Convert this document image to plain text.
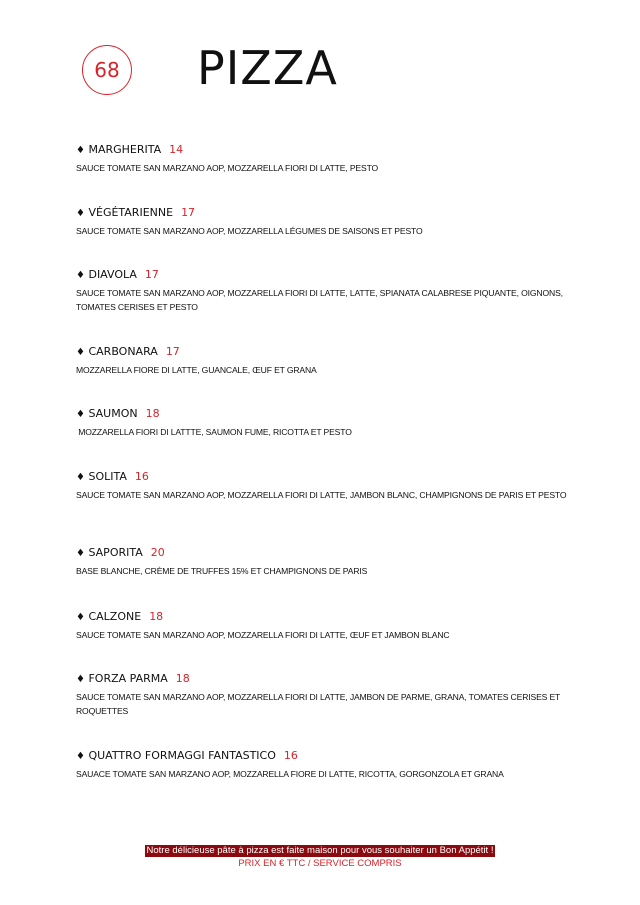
68 PIZZA
♦ MARGHERITA 14
SAUCE TOMATE SAN MARZANO AOP, MOZZARELLA FIORI DI LATTE, PESTO
♦ VÉGÉTARIENNE 17
SAUCE TOMATE SAN MARZANO AOP, MOZZARELLA LÉGUMES DE SAISONS ET PESTO
♦ DIAVOLA 17
SAUCE TOMATE SAN MARZANO AOP, MOZZARELLA FIORI DI LATTE, LATTE, SPIANATA CALABRESE PIQUANTE, OIGNONS, TOMATES CERISES ET PESTO
♦ CARBONARA 17
MOZZARELLA FIORE DI LATTE, GUANCALE, ŒUF ET GRANA
♦ SAUMON 18
MOZZARELLA FIORI DI LATTTE, SAUMON FUME, RICOTTA ET PESTO
♦ SOLITA 16
SAUCE TOMATE SAN MARZANO AOP, MOZZARELLA FIORI DI LATTE, JAMBON BLANC, CHAMPIGNONS DE PARIS ET PESTO
♦ SAPORITA 20
BASE BLANCHE, CRÈME DE TRUFFES 15% ET CHAMPIGNONS DE PARIS
♦ CALZONE 18
SAUCE TOMATE SAN MARZANO AOP, MOZZARELLA FIORI DI LATTE, ŒUF ET JAMBON BLANC
♦ FORZA PARMA 18
SAUCE TOMATE SAN MARZANO AOP, MOZZARELLA FIORI DI LATTE, JAMBON DE PARME, GRANA, TOMATES CERISES ET ROQUETTES
♦ QUATTRO FORMAGGI FANTASTICO 16
SAUACE TOMATE SAN MARZANO AOP, MOZZARELLA FIORE DI LATTE, RICOTTA, GORGONZOLA ET GRANA
Notre délicieuse pâte à pizza est faite maison pour vous souhaiter un Bon Appétit !
PRIX EN € TTC / SERVICE COMPRIS
